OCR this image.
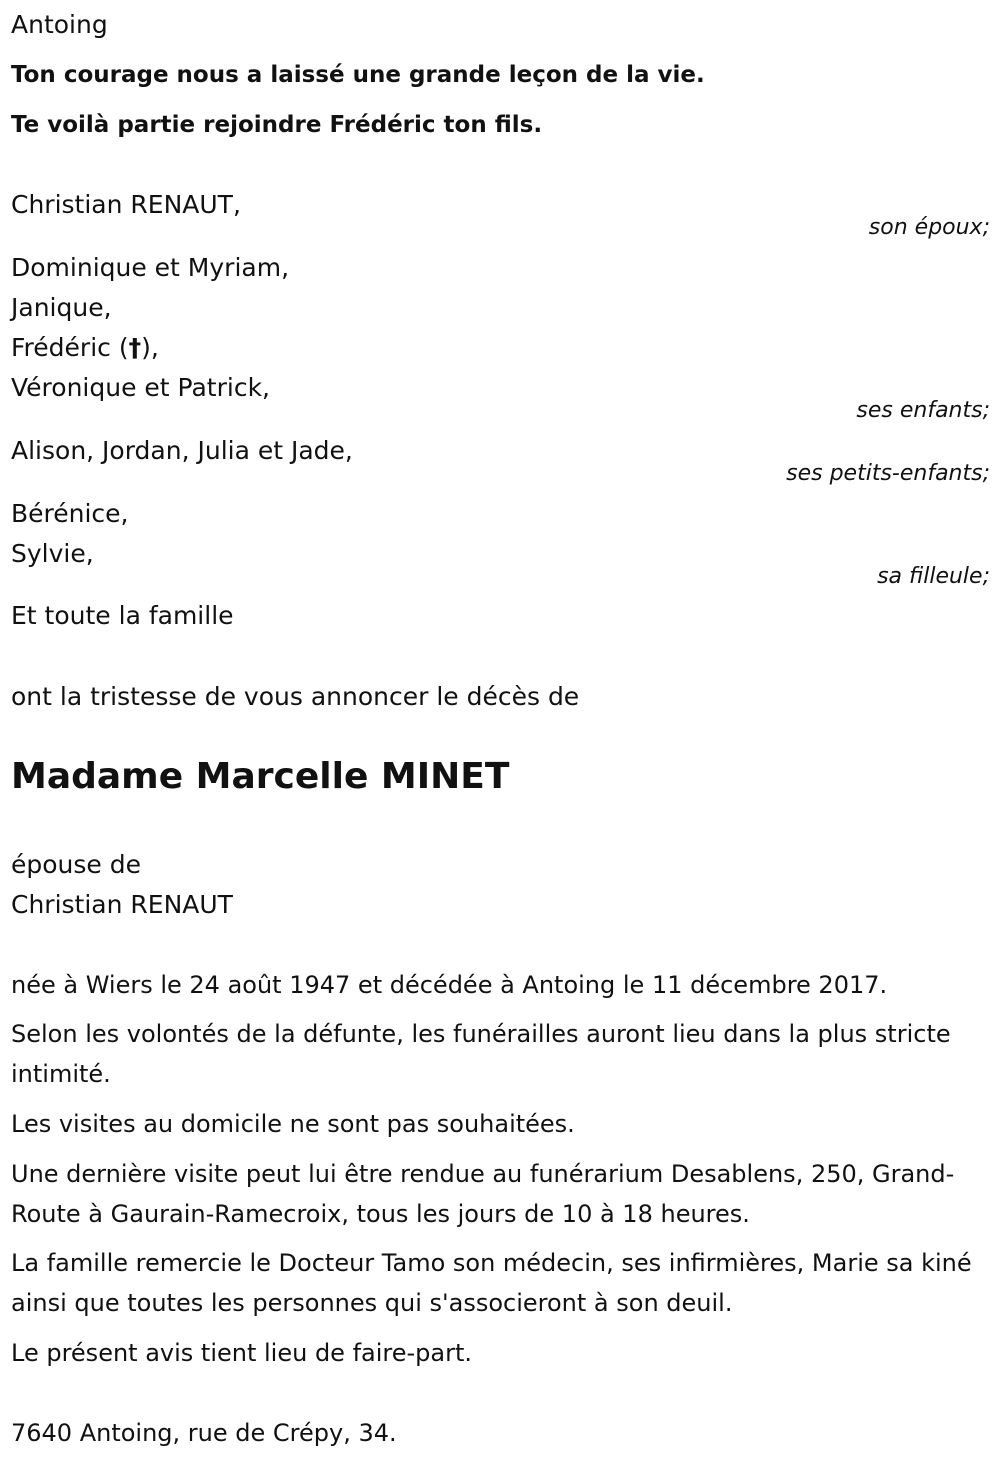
Antoing
Ton courage nous a laissé une grande leçon de la vie.
Te voilà partie rejoindre Frédéric ton fils.
Christian RENAUT,
son époux;
Dominique et Myriam,
Janique,
Frédéric (†),
Véronique et Patrick,
ses enfants;
Alison, Jordan, Julia et Jade,
ses petits-enfants;
Bérénice,
Sylvie,
sa filleule;
Et toute la famille
ont la tristesse de vous annoncer le décès de
Madame Marcelle MINET
épouse de
Christian RENAUT
née à Wiers le 24 août 1947 et décédée à Antoing le 11 décembre 2017.
Selon les volontés de la défunte, les funérailles auront lieu dans la plus stricte intimité.
Les visites au domicile ne sont pas souhaitées.
Une dernière visite peut lui être rendue au funérarium Desablens, 250, Grand-Route à Gaurain-Ramecroix, tous les jours de 10 à 18 heures.
La famille remercie le Docteur Tamo son médecin, ses infirmières, Marie sa kiné ainsi que toutes les personnes qui s'associeront à son deuil.
Le présent avis tient lieu de faire-part.
7640 Antoing, rue de Crépy, 34.
